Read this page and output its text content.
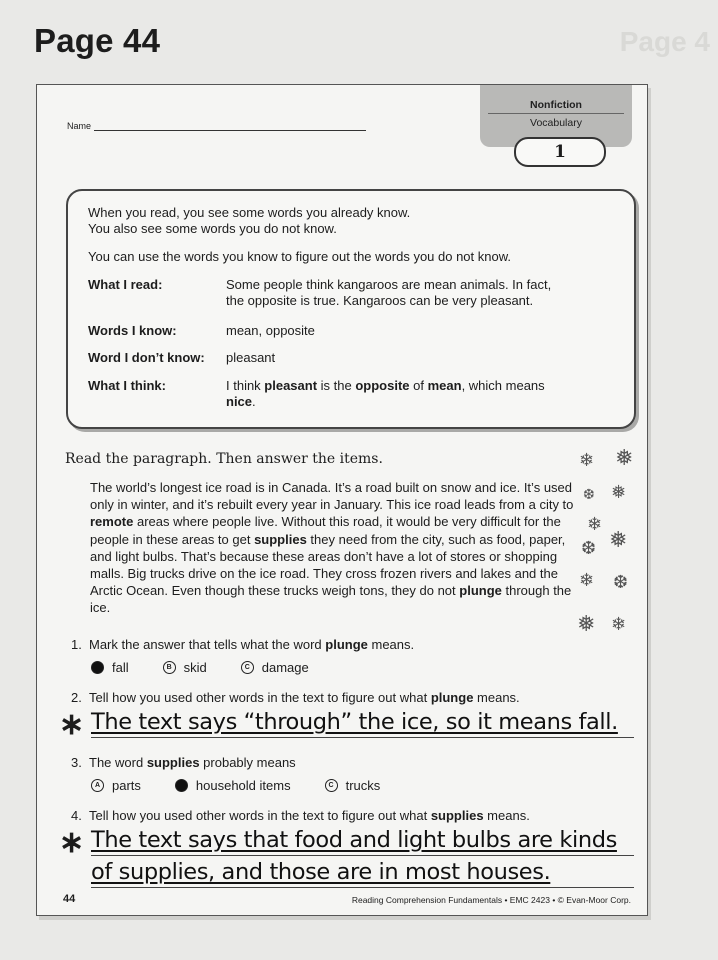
Page 44	Page 4
Name
Nonfiction
Vocabulary
1
When you read, you see some words you already know.
You also see some words you do not know.
You can use the words you know to figure out the words you do not know.
What I read:	Some people think kangaroos are mean animals. In fact,
the opposite is true. Kangaroos can be very pleasant.
Words I know:	mean, opposite
Word I don’t know: pleasant
What I think:	I think pleasant is the opposite of mean, which means
nice.
Read the paragraph. Then answer the items.
The world’s longest ice road is in Canada. It’s a road built on snow and ice. It’s used only in winter, and it’s rebuilt every year in January. This ice road leads from a city to remote areas where people live. Without this road, it would be very difficult for the people in these areas to get supplies they need from the city, such as food, paper, and light bulbs. That’s because these areas don’t have a lot of stores or shopping malls. Big trucks drive on the ice road. They cross frozen rivers and lakes and the Arctic Ocean. Even though these trucks weigh tons, they do not plunge through the ice.
❄ ❅
❆ ❅
❄
❆ ❅
❄ ❆
❅ ❄
1. Mark the answer that tells what the word plunge means.
fall	B skid	C damage
2. Tell how you used other words in the text to figure out what plunge means.
∗ The text says “through” the ice, so it means fall.
3. The word supplies probably means
A parts	household items	C trucks
4. Tell how you used other words in the text to figure out what supplies means.
∗ The text says that food and light bulbs are kinds
of supplies, and those are in most houses.
44	Reading Comprehension Fundamentals • EMC 2423 • © Evan-Moor Corp.
